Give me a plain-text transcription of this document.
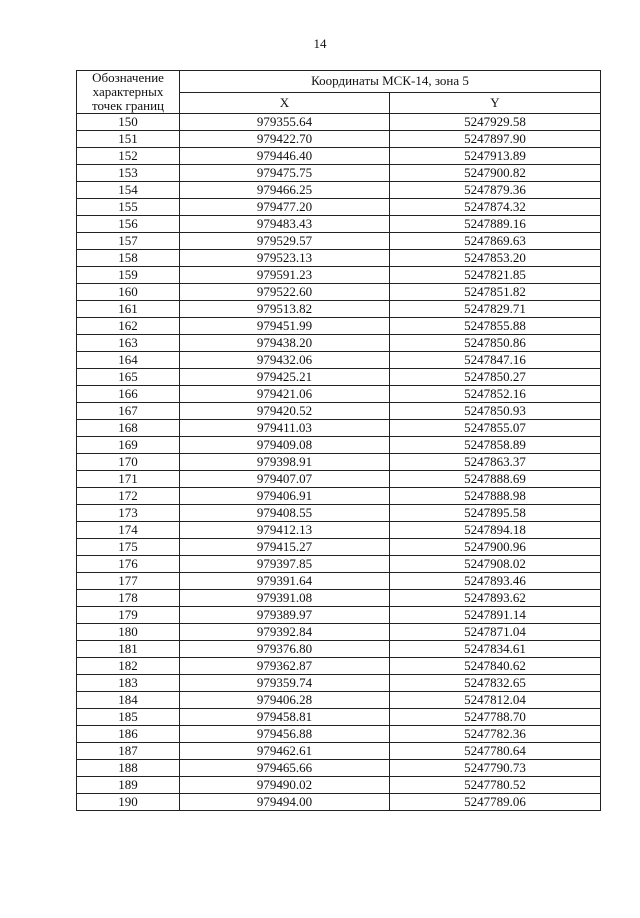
14
Обозначение характерных точек границ	Координаты МСК-14, зона 5	
	X	Y
150	979355.64	5247929.58
151	979422.70	5247897.90
152	979446.40	5247913.89
153	979475.75	5247900.82
154	979466.25	5247879.36
155	979477.20	5247874.32
156	979483.43	5247889.16
157	979529.57	5247869.63
158	979523.13	5247853.20
159	979591.23	5247821.85
160	979522.60	5247851.82
161	979513.82	5247829.71
162	979451.99	5247855.88
163	979438.20	5247850.86
164	979432.06	5247847.16
165	979425.21	5247850.27
166	979421.06	5247852.16
167	979420.52	5247850.93
168	979411.03	5247855.07
169	979409.08	5247858.89
170	979398.91	5247863.37
171	979407.07	5247888.69
172	979406.91	5247888.98
173	979408.55	5247895.58
174	979412.13	5247894.18
175	979415.27	5247900.96
176	979397.85	5247908.02
177	979391.64	5247893.46
178	979391.08	5247893.62
179	979389.97	5247891.14
180	979392.84	5247871.04
181	979376.80	5247834.61
182	979362.87	5247840.62
183	979359.74	5247832.65
184	979406.28	5247812.04
185	979458.81	5247788.70
186	979456.88	5247782.36
187	979462.61	5247780.64
188	979465.66	5247790.73
189	979490.02	5247780.52
190	979494.00	5247789.06
